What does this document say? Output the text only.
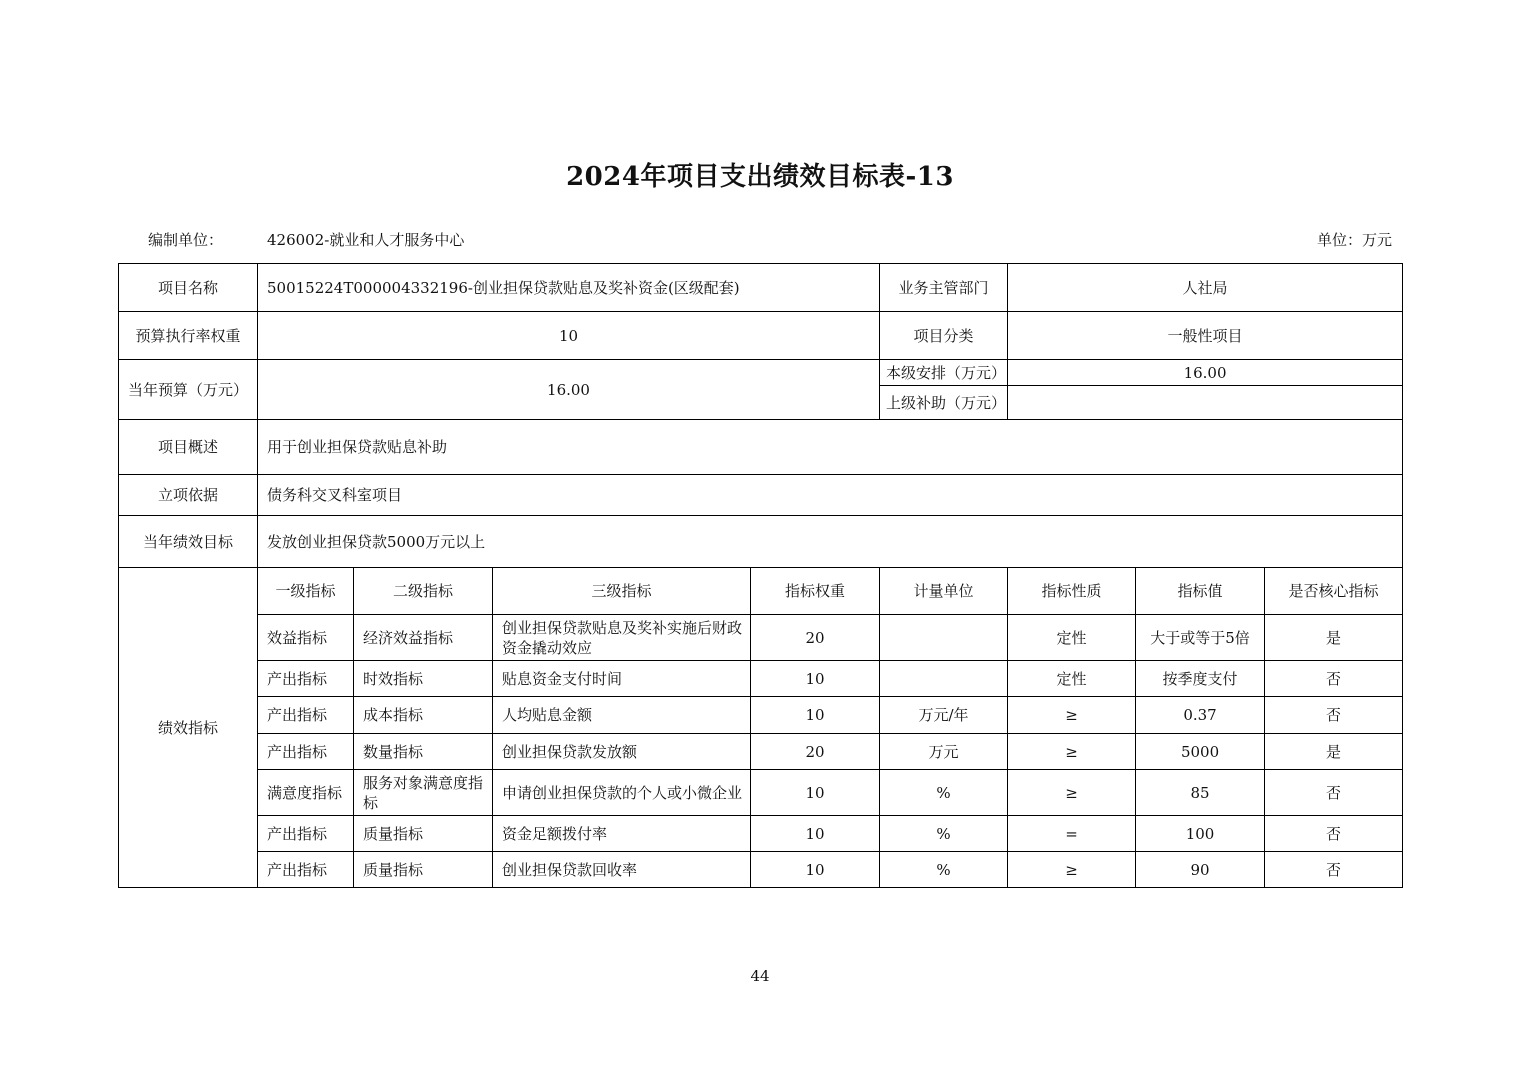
2024年项目支出绩效目标表-13
编制单位：	426002-就业和人才服务中心	单位：万元
项目名称	50015224T000004332196-创业担保贷款贴息及奖补资金(区级配套)				业务主管部门	人社局		
预算执行率权重	10				项目分类	一般性项目		
当年预算（万元）	16.00				本级安排（万元）	16.00		
					上级补助（万元）			
项目概述	用于创业担保贷款贴息补助							
立项依据	债务科交叉科室项目							
当年绩效目标	发放创业担保贷款5000万元以上							
绩效指标	一级指标	二级指标	三级指标	指标权重	计量单位	指标性质	指标值	是否核心指标
	效益指标	经济效益指标	创业担保贷款贴息及奖补实施后财政资金撬动效应	20		定性	大于或等于5倍	是
	产出指标	时效指标	贴息资金支付时间	10		定性	按季度支付	否
	产出指标	成本指标	人均贴息金额	10	万元/年	≥	0.37	否
	产出指标	数量指标	创业担保贷款发放额	20	万元	≥	5000	是
	满意度指标	服务对象满意度指标	申请创业担保贷款的个人或小微企业	10	%	≥	85	否
	产出指标	质量指标	资金足额拨付率	10	%	=	100	否
	产出指标	质量指标	创业担保贷款回收率	10	%	≥	90	否
44
